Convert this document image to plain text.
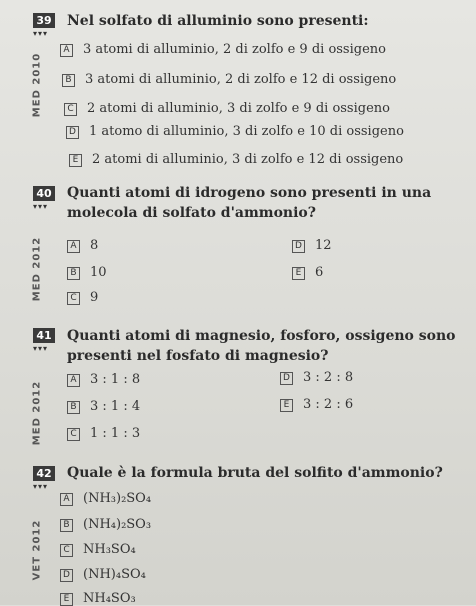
39
▾▾▾
Nel solfato di alluminio sono presenti:
MED 2010
A 3 atomi di alluminio, 2 di zolfo e 9 di ossigeno
B 3 atomi di alluminio, 2 di zolfo e 12 di ossigeno
C 2 atomi di alluminio, 3 di zolfo e 9 di ossigeno
D 1 atomo di alluminio, 3 di zolfo e 10 di ossigeno
E 2 atomi di alluminio, 3 di zolfo e 12 di ossigeno
40
▾▾▾
Quanti atomi di idrogeno sono presenti in una molecola di solfato d'ammonio?
MED 2012	A 8
B 10
C 9
D 12
E 6
41
▾▾▾
Quanti atomi di magnesio, fosforo, ossigeno sono presenti nel fosfato di magnesio?
MED 2012
A 3 : 1 : 8
B 3 : 1 : 4
C 1 : 1 : 3
D 3 : 2 : 8
E 3 : 2 : 6
42
▾▾▾
Quale è la formula bruta del solfito d'ammonio?
VET 2012
A (NH₃)₂SO₄
B (NH₄)₂SO₃
C NH₃SO₄
D (NH)₄SO₄
E NH₄SO₃
